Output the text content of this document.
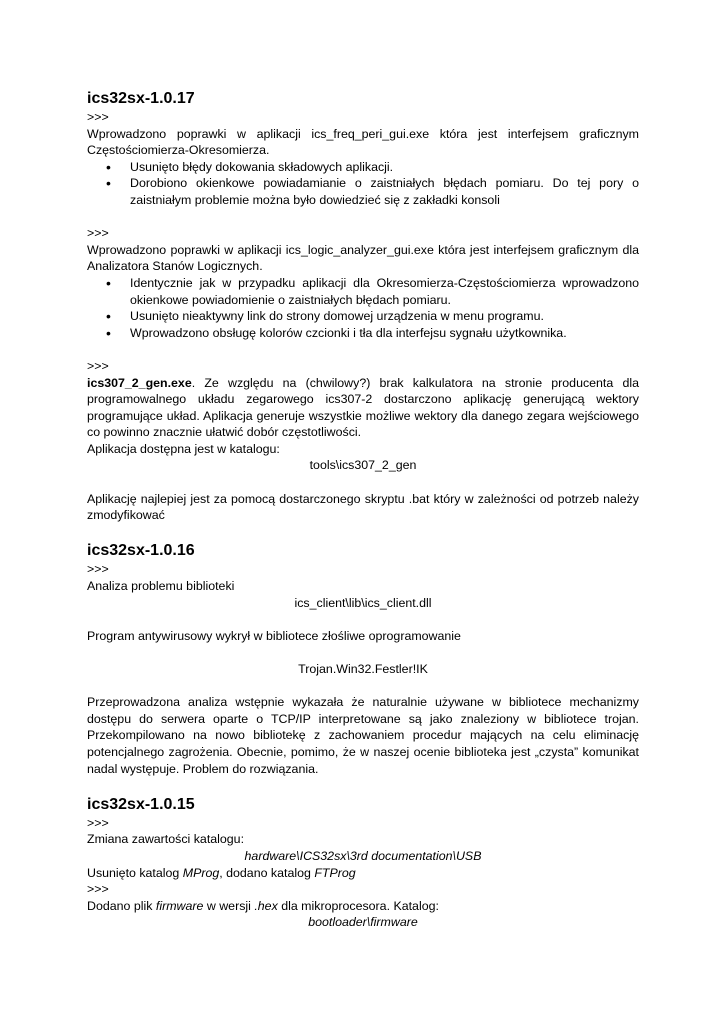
ics32sx-1.0.17
>>>

Wprowadzono poprawki w aplikacji ics_freq_peri_gui.exe która jest interfejsem graficznym Częstościomierza-Okresomierza.

• Usunięto błędy dokowania składowych aplikacji.
• Dorobiono okienkowe powiadamianie o zaistniałych błędach pomiaru. Do tej pory o zaistniałym problemie można było dowiedzieć się z zakładki konsoli
>>>

Wprowadzono poprawki w aplikacji ics_logic_analyzer_gui.exe która jest interfejsem graficznym dla Analizatora Stanów Logicznych.

• Identycznie jak w przypadku aplikacji dla Okresomierza-Częstościomierza wprowadzono okienkowe powiadomienie o zaistniałych błędach pomiaru.
• Usunięto nieaktywny link do strony domowej urządzenia w menu programu.
• Wprowadzono obsługę kolorów czcionki i tła dla interfejsu sygnału użytkownika.
>>>

ics307_2_gen.exe. Ze względu na (chwilowy?) brak kalkulatora na stronie producenta dla programowalnego układu zegarowego ics307-2 dostarczono aplikację generującą wektory programujące układ. Aplikacja generuje wszystkie możliwe wektory dla danego zegara wejściowego co powinno znacznie ułatwić dobór częstotliwości.

Aplikacja dostępna jest w katalogu:

tools\ics307_2_gen

Aplikację najlepiej jest za pomocą dostarczonego skryptu .bat który w zależności od potrzeb należy zmodyfikować

ics32sx-1.0.16
>>>

Analiza problemu biblioteki

ics_client\lib\ics_client.dll

Program antywirusowy wykrył w bibliotece złośliwe oprogramowanie

Trojan.Win32.Festler!IK

Przeprowadzona analiza wstępnie wykazała że naturalnie używane w bibliotece mechanizmy dostępu do serwera oparte o TCP/IP interpretowane są jako znaleziony w bibliotece trojan. Przekompilowano na nowo bibliotekę z zachowaniem procedur mających na celu eliminację potencjalnego zagrożenia. Obecnie, pomimo, że w naszej ocenie biblioteka jest „czysta” komunikat nadal występuje. Problem do rozwiązania.

ics32sx-1.0.15
>>>

Zmiana zawartości katalogu:

hardware\ICS32sx\3rd documentation\USB

Usunięto katalog MProg, dodano katalog FTProg

>>>

Dodano plik firmware w wersji .hex dla mikroprocesora. Katalog:

bootloader\firmware
